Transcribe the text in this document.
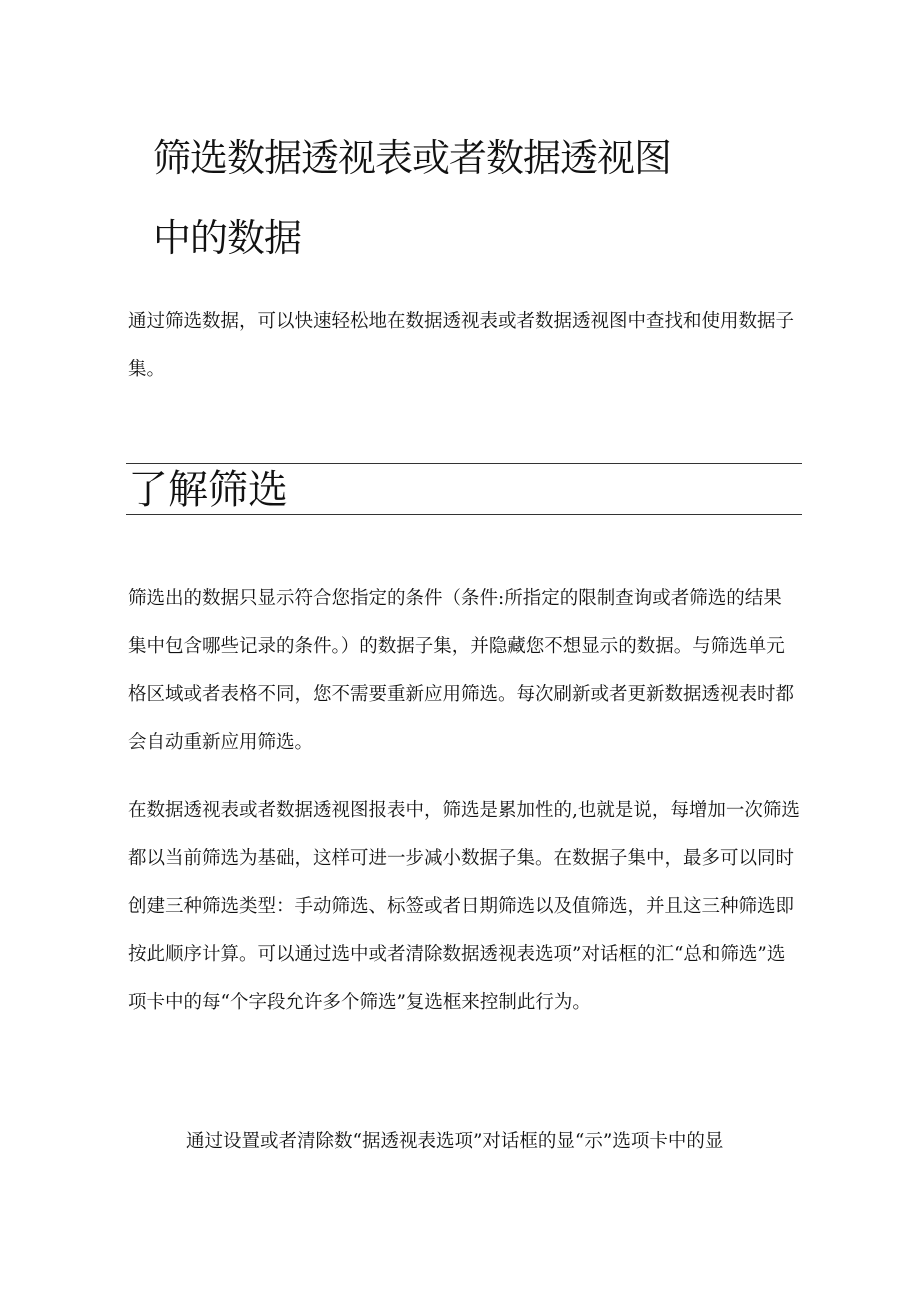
筛选数据透视表或者数据透视图
中的数据

通过筛选数据，可以快速轻松地在数据透视表或者数据透视图中查找和使用数据子集。

了解筛选

筛选出的数据只显示符合您指定的条件（条件:所指定的限制查询或者筛选的结果集中包含哪些记录的条件。）的数据子集，并隐藏您不想显示的数据。与筛选单元格区域或者表格不同，您不需要重新应用筛选。每次刷新或者更新数据透视表时都会自动重新应用筛选。

在数据透视表或者数据透视图报表中，筛选是累加性的,也就是说，每增加一次筛选都以当前筛选为基础，这样可进一步减小数据子集。在数据子集中，最多可以同时创建三种筛选类型：手动筛选、标签或者日期筛选以及值筛选，并且这三种筛选即按此顺序计算。可以通过选中或者清除数据透视表选项”对话框的汇“总和筛选”选项卡中的每“个字段允许多个筛选”复选框来控制此行为。

通过设置或者清除数“据透视表选项”对话框的显“示”选项卡中的显
